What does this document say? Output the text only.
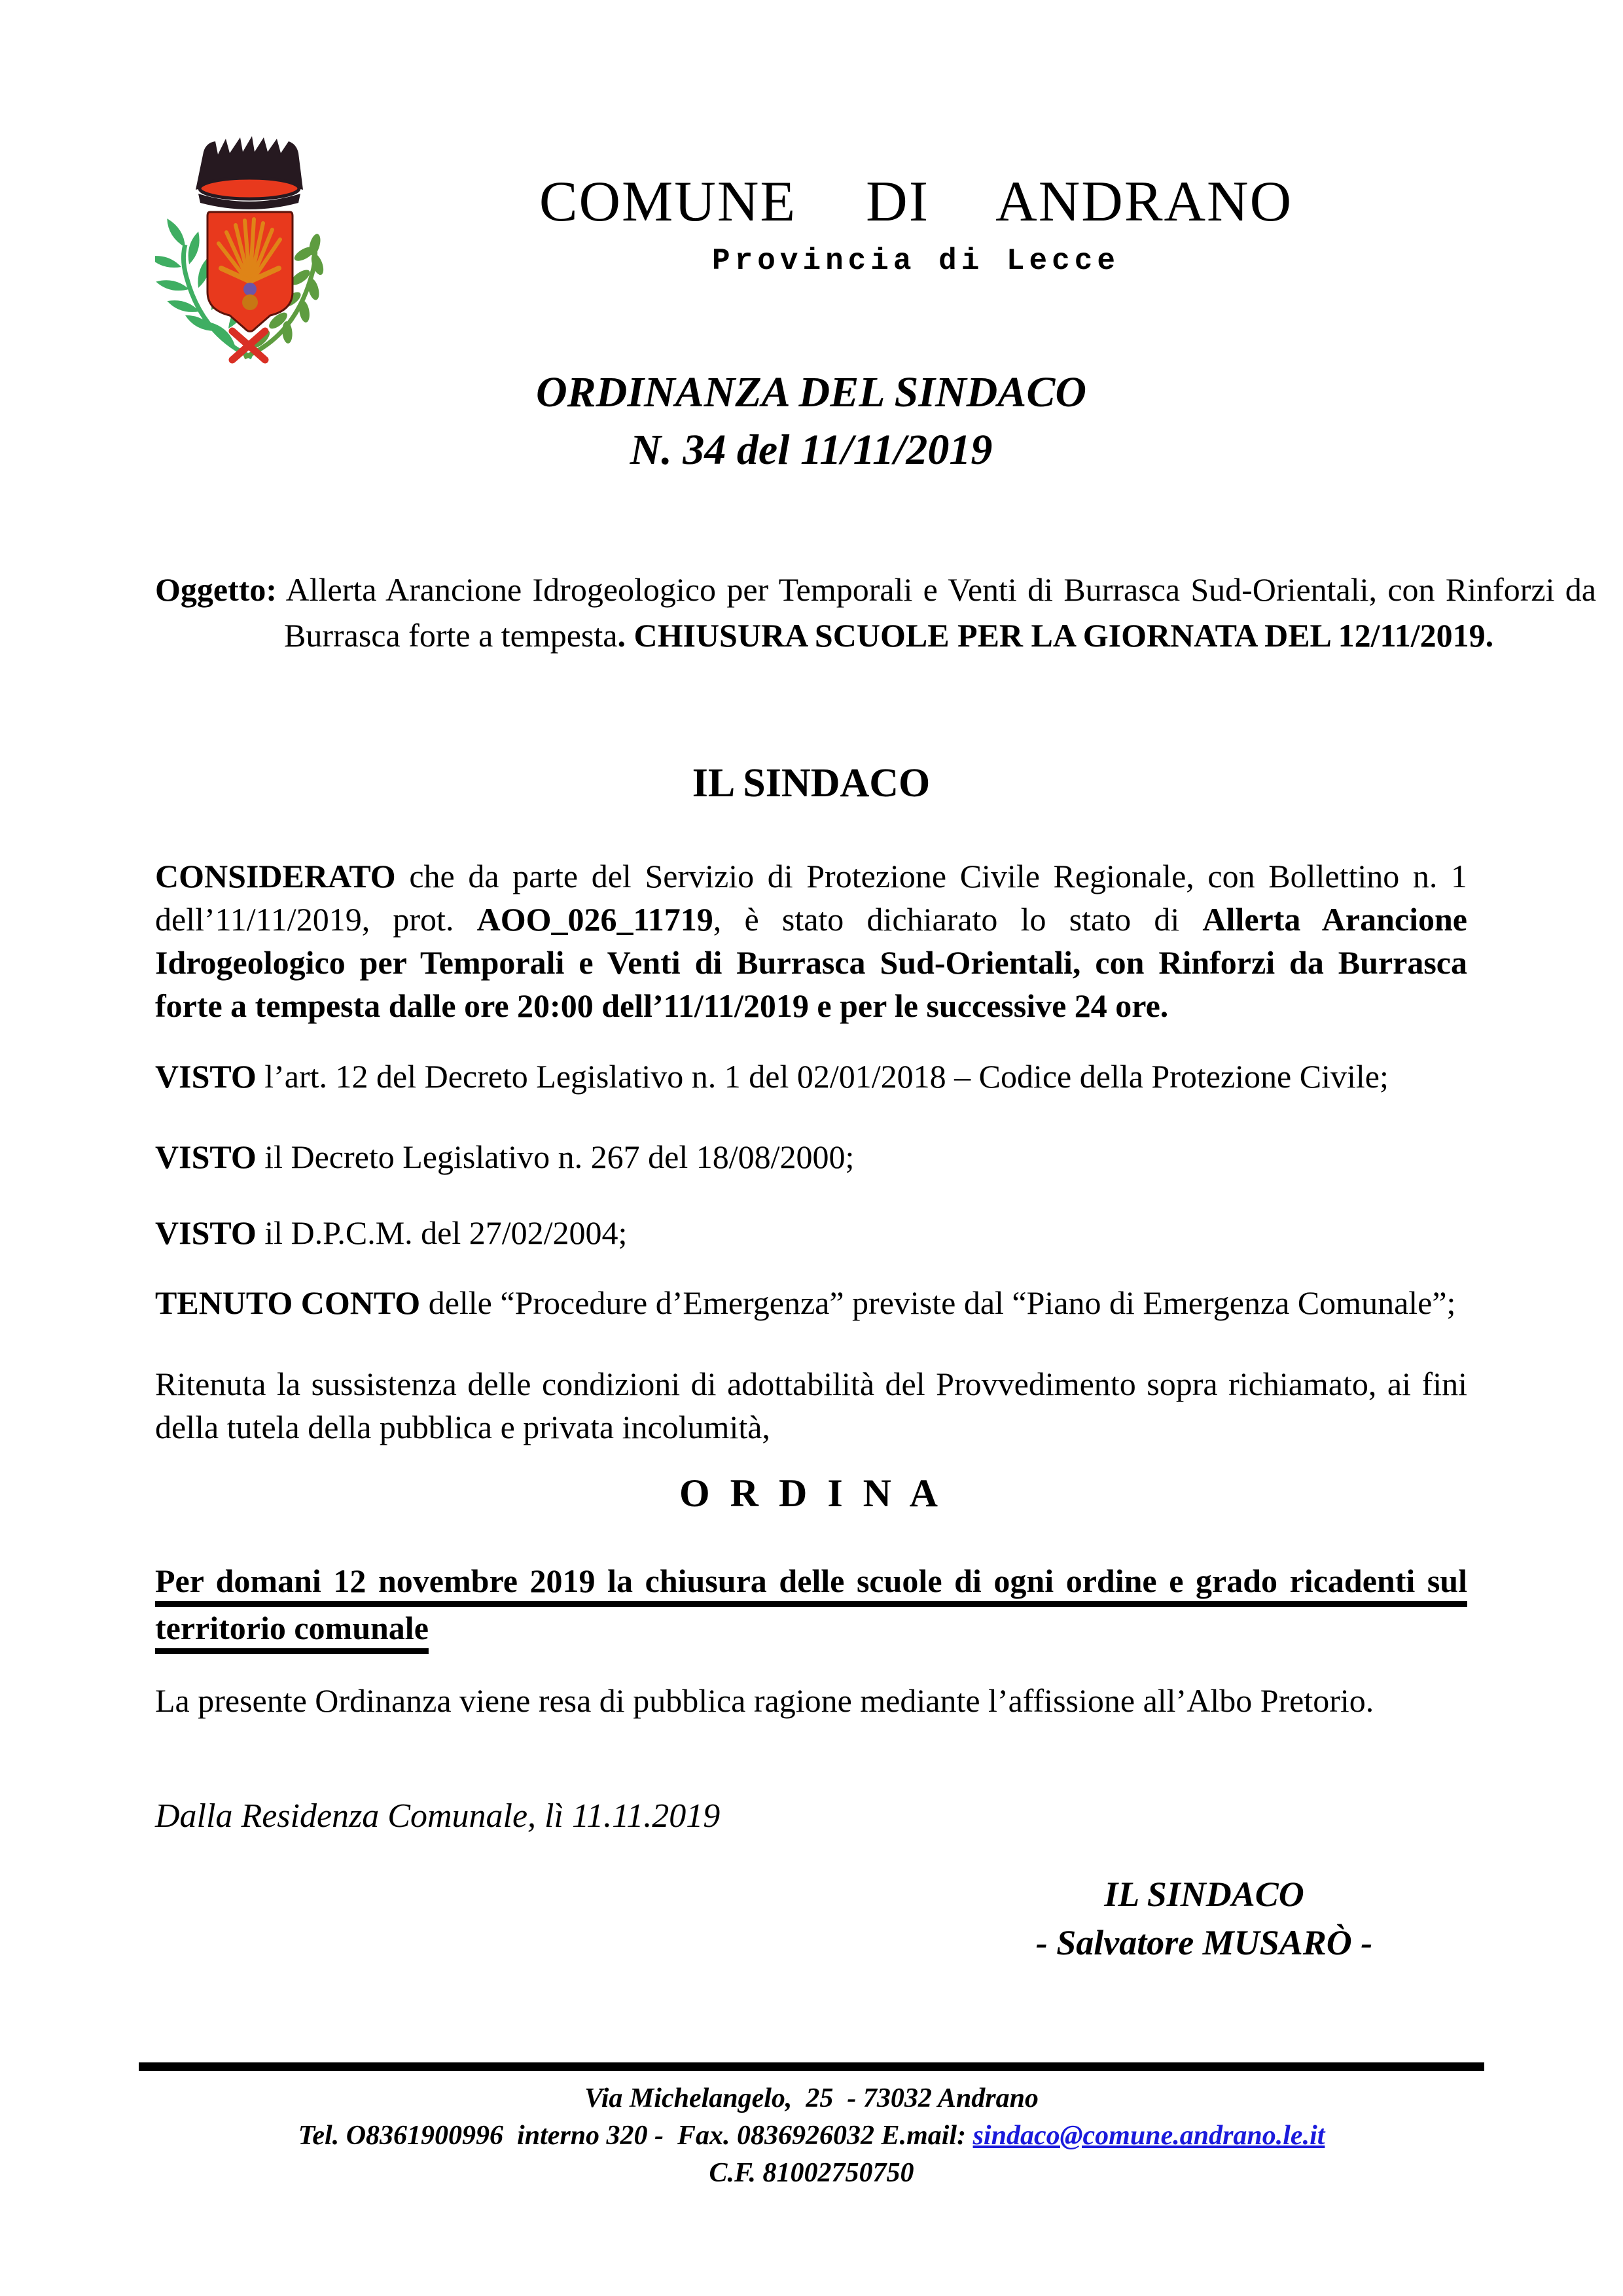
COMUNE DI ANDRANO
Provincia di Lecce
ORDINANZA DEL SINDACO
N. 34 del 11/11/2019

Oggetto: Allerta Arancione Idrogeologico per Temporali e Venti di Burrasca Sud-Orientali, con Rinforzi da Burrasca forte a tempesta. CHIUSURA SCUOLE PER LA GIORNATA DEL 12/11/2019.

IL SINDACO

CONSIDERATO che da parte del Servizio di Protezione Civile Regionale, con Bollettino n. 1 dell’11/11/2019, prot. AOO_026_11719, è stato dichiarato lo stato di Allerta Arancione Idrogeologico per Temporali e Venti di Burrasca Sud-Orientali, con Rinforzi da Burrasca forte a tempesta dalle ore 20:00 dell’11/11/2019 e per le successive 24 ore.

VISTO l’art. 12 del Decreto Legislativo n. 1 del 02/01/2018 – Codice della Protezione Civile;

VISTO il Decreto Legislativo n. 267 del 18/08/2000;

VISTO il D.P.C.M. del 27/02/2004;

TENUTO CONTO delle “Procedure d’Emergenza” previste dal “Piano di Emergenza Comunale”;

Ritenuta la sussistenza delle condizioni di adottabilità del Provvedimento sopra richiamato, ai fini della tutela della pubblica e privata incolumità,

O R D I N A

Per domani 12 novembre 2019 la chiusura delle scuole di ogni ordine e grado ricadenti sul territorio comunale

La presente Ordinanza viene resa di pubblica ragione mediante l’affissione all’Albo Pretorio.

Dalla Residenza Comunale, lì 11.11.2019
IL SINDACO
- Salvatore MUSARÒ -
Via Michelangelo,  25  - 73032 Andrano
Tel. O8361900996  interno 320 -  Fax. 0836926032 E.mail: sindaco@comune.andrano.le.it
C.F. 81002750750
